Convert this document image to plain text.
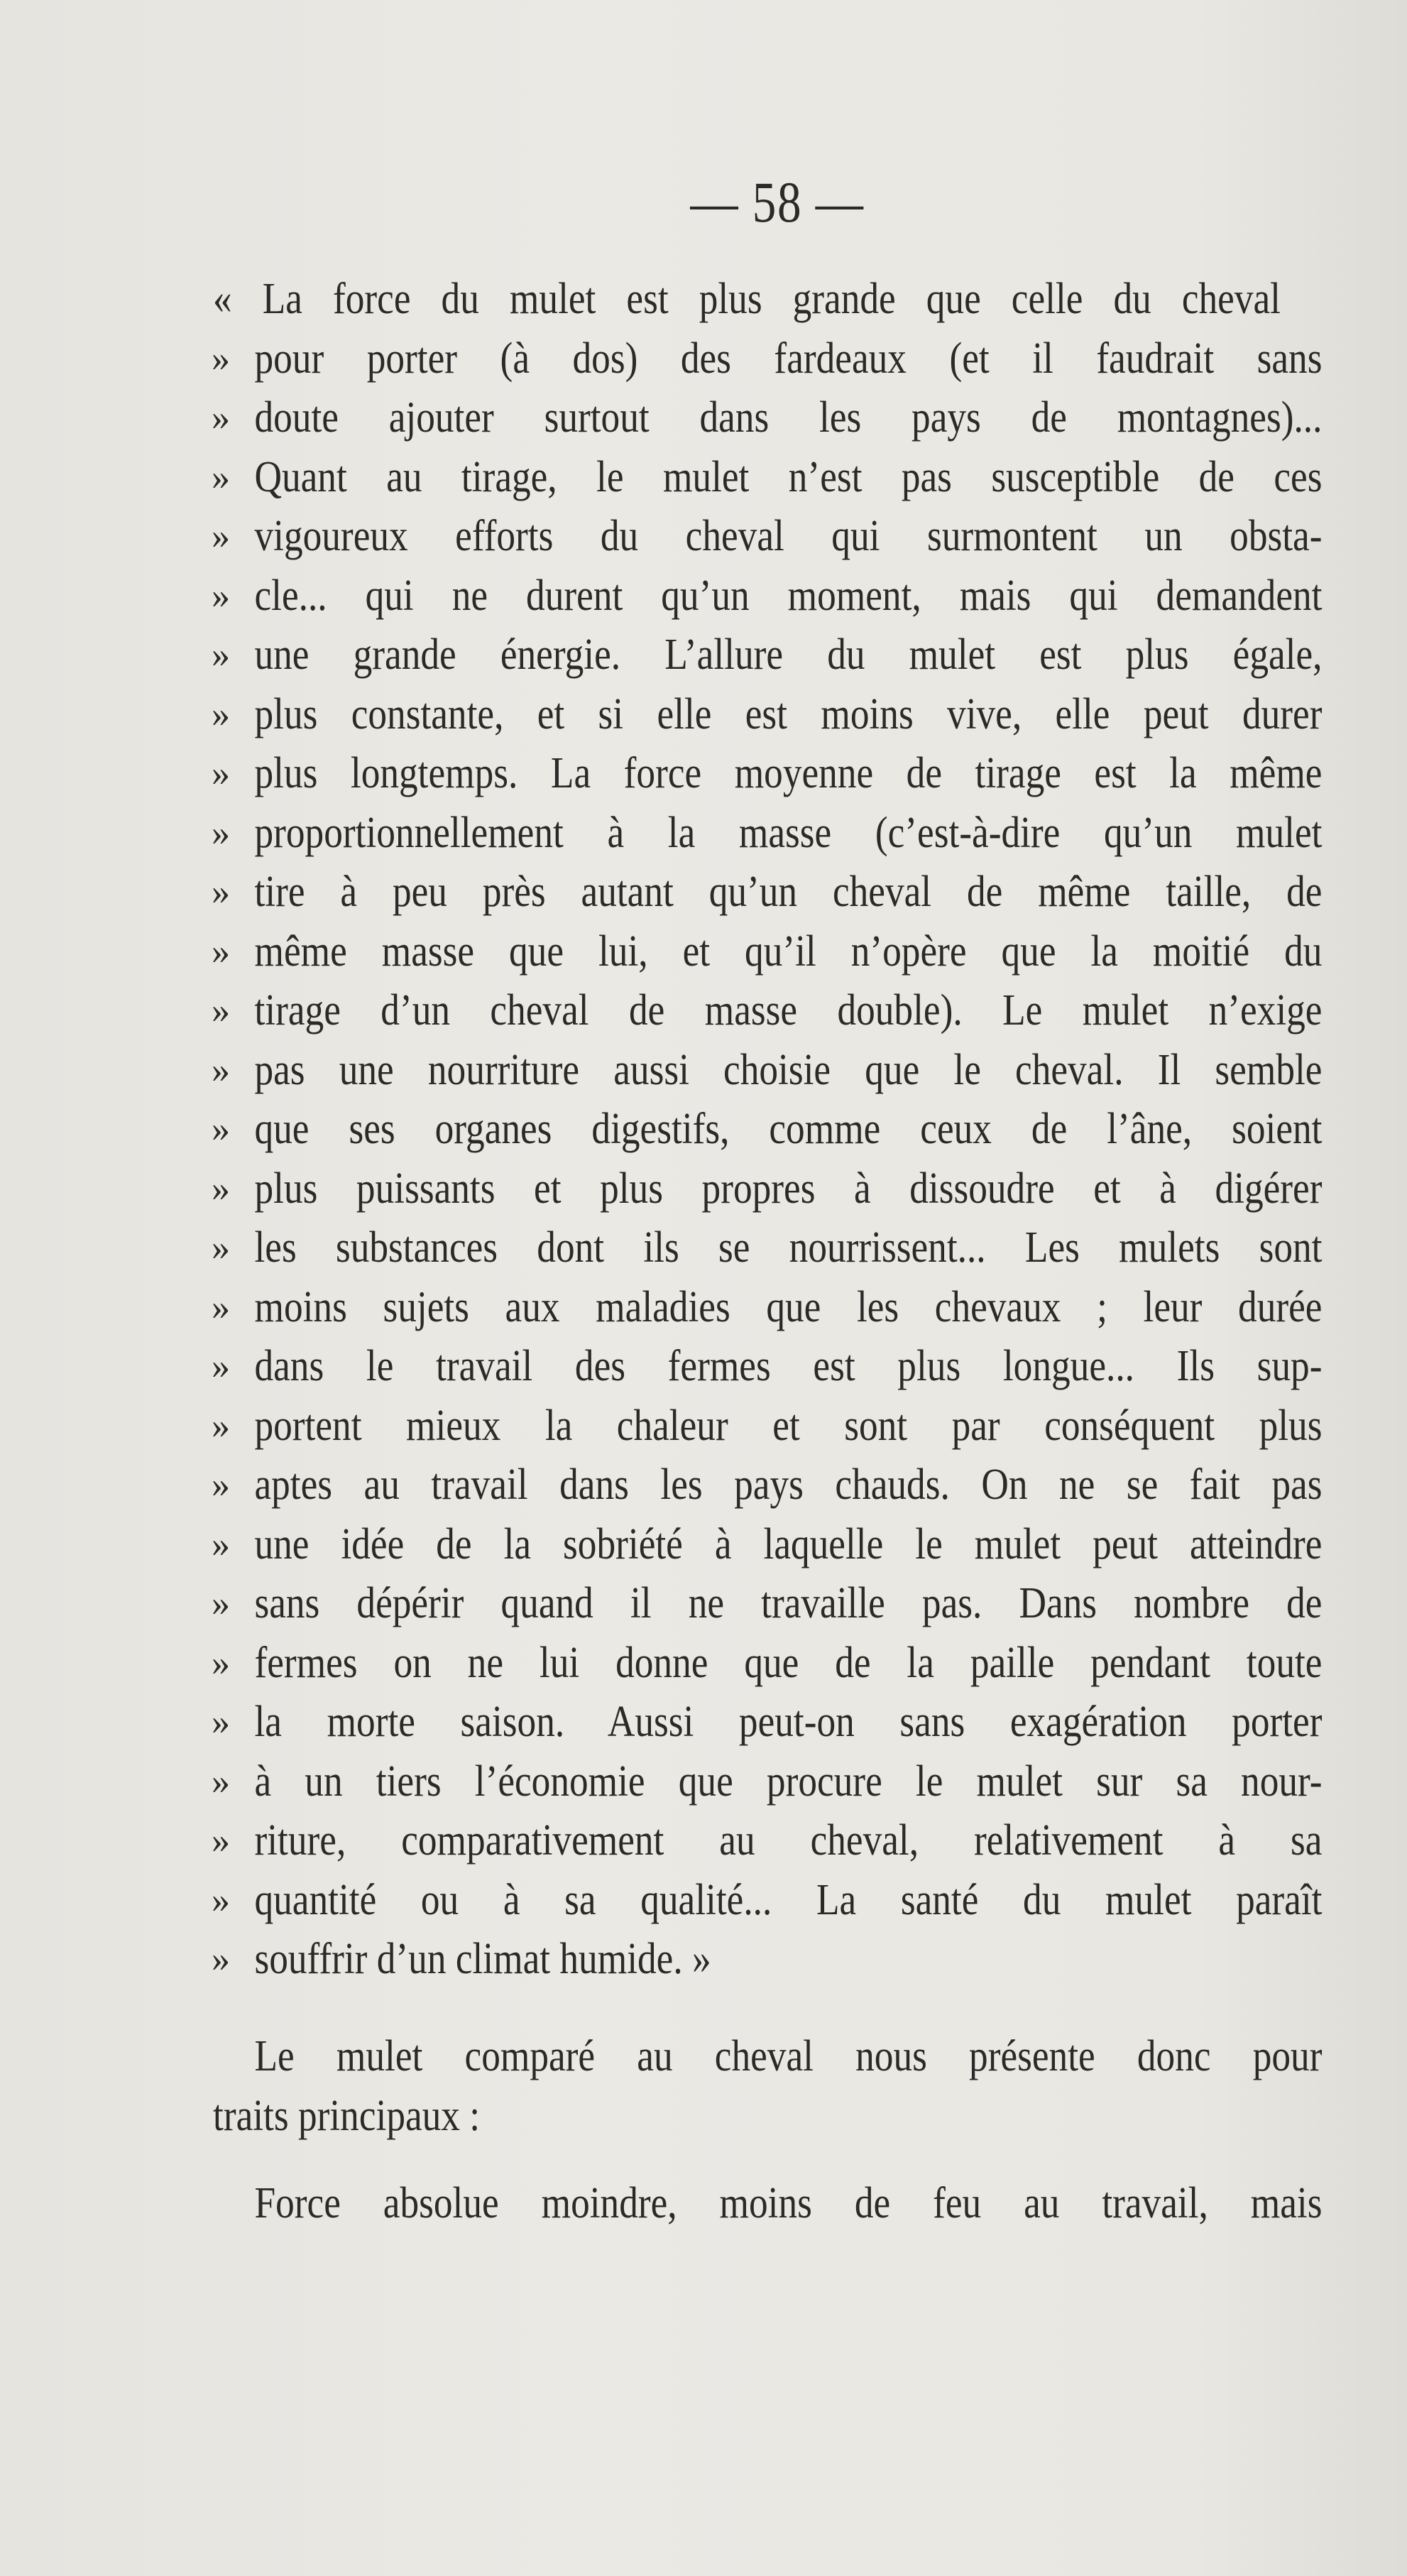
— 58 —
« La force du mulet est plus grande que celle du cheval
» pour porter (à dos) des fardeaux (et il faudrait sans
» doute ajouter surtout dans les pays de montagnes)...
» Quant au tirage, le mulet n’est pas susceptible de ces
» vigoureux efforts du cheval qui surmontent un obsta-
» cle... qui ne durent qu’un moment, mais qui demandent
» une grande énergie. L’allure du mulet est plus égale,
» plus constante, et si elle est moins vive, elle peut durer
» plus longtemps. La force moyenne de tirage est la même
» proportionnellement à la masse (c’est-à-dire qu’un mulet
» tire à peu près autant qu’un cheval de même taille, de
» même masse que lui, et qu’il n’opère que la moitié du
» tirage d’un cheval de masse double). Le mulet n’exige
» pas une nourriture aussi choisie que le cheval. Il semble
» que ses organes digestifs, comme ceux de l’âne, soient
» plus puissants et plus propres à dissoudre et à digérer
» les substances dont ils se nourrissent... Les mulets sont
» moins sujets aux maladies que les chevaux ; leur durée
» dans le travail des fermes est plus longue... Ils sup-
» portent mieux la chaleur et sont par conséquent plus
» aptes au travail dans les pays chauds. On ne se fait pas
» une idée de la sobriété à laquelle le mulet peut atteindre
» sans dépérir quand il ne travaille pas. Dans nombre de
» fermes on ne lui donne que de la paille pendant toute
» la morte saison. Aussi peut-on sans exagération porter
» à un tiers l’économie que procure le mulet sur sa nour-
» riture, comparativement au cheval, relativement à sa
» quantité ou à sa qualité... La santé du mulet paraît
» souffrir d’un climat humide. »
Le mulet comparé au cheval nous présente donc pour
traits principaux :
Force absolue moindre, moins de feu au travail, mais
